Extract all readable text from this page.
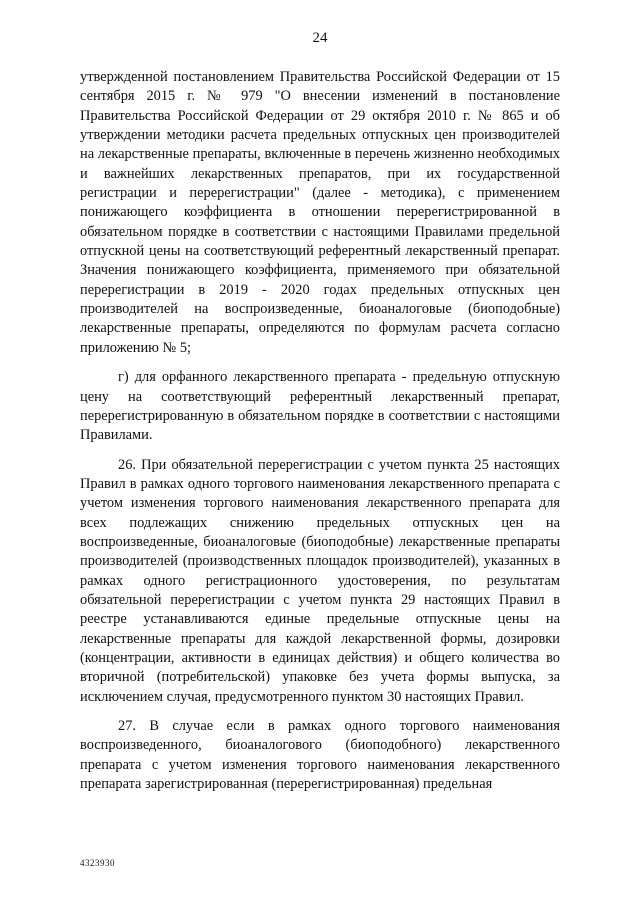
24

утвержденной постановлением Правительства Российской Федерации от 15 сентября 2015 г. № 979 "О внесении изменений в постановление Правительства Российской Федерации от 29 октября 2010 г. № 865 и об утверждении методики расчета предельных отпускных цен производителей на лекарственные препараты, включенные в перечень жизненно необходимых и важнейших лекарственных препаратов, при их государственной регистрации и перерегистрации" (далее - методика), с применением понижающего коэффициента в отношении перерегистрированной в обязательном порядке в соответствии с настоящими Правилами предельной отпускной цены на соответствующий референтный лекарственный препарат. Значения понижающего коэффициента, применяемого при обязательной перерегистрации в 2019 - 2020 годах предельных отпускных цен производителей на воспроизведенные, биоаналоговые (биоподобные) лекарственные препараты, определяются по формулам расчета согласно приложению № 5;

г) для орфанного лекарственного препарата - предельную отпускную цену на соответствующий референтный лекарственный препарат, перерегистрированную в обязательном порядке в соответствии с настоящими Правилами.

26. При обязательной перерегистрации с учетом пункта 25 настоящих Правил в рамках одного торгового наименования лекарственного препарата с учетом изменения торгового наименования лекарственного препарата для всех подлежащих снижению предельных отпускных цен на воспроизведенные, биоаналоговые (биоподобные) лекарственные препараты производителей (производственных площадок производителей), указанных в рамках одного регистрационного удостоверения, по результатам обязательной перерегистрации с учетом пункта 29 настоящих Правил в реестре устанавливаются единые предельные отпускные цены на лекарственные препараты для каждой лекарственной формы, дозировки (концентрации, активности в единицах действия) и общего количества во вторичной (потребительской) упаковке без учета формы выпуска, за исключением случая, предусмотренного пунктом 30 настоящих Правил.

27. В случае если в рамках одного торгового наименования воспроизведенного, биоаналогового (биоподобного) лекарственного препарата с учетом изменения торгового наименования лекарственного препарата зарегистрированная (перерегистрированная) предельная

4323930
